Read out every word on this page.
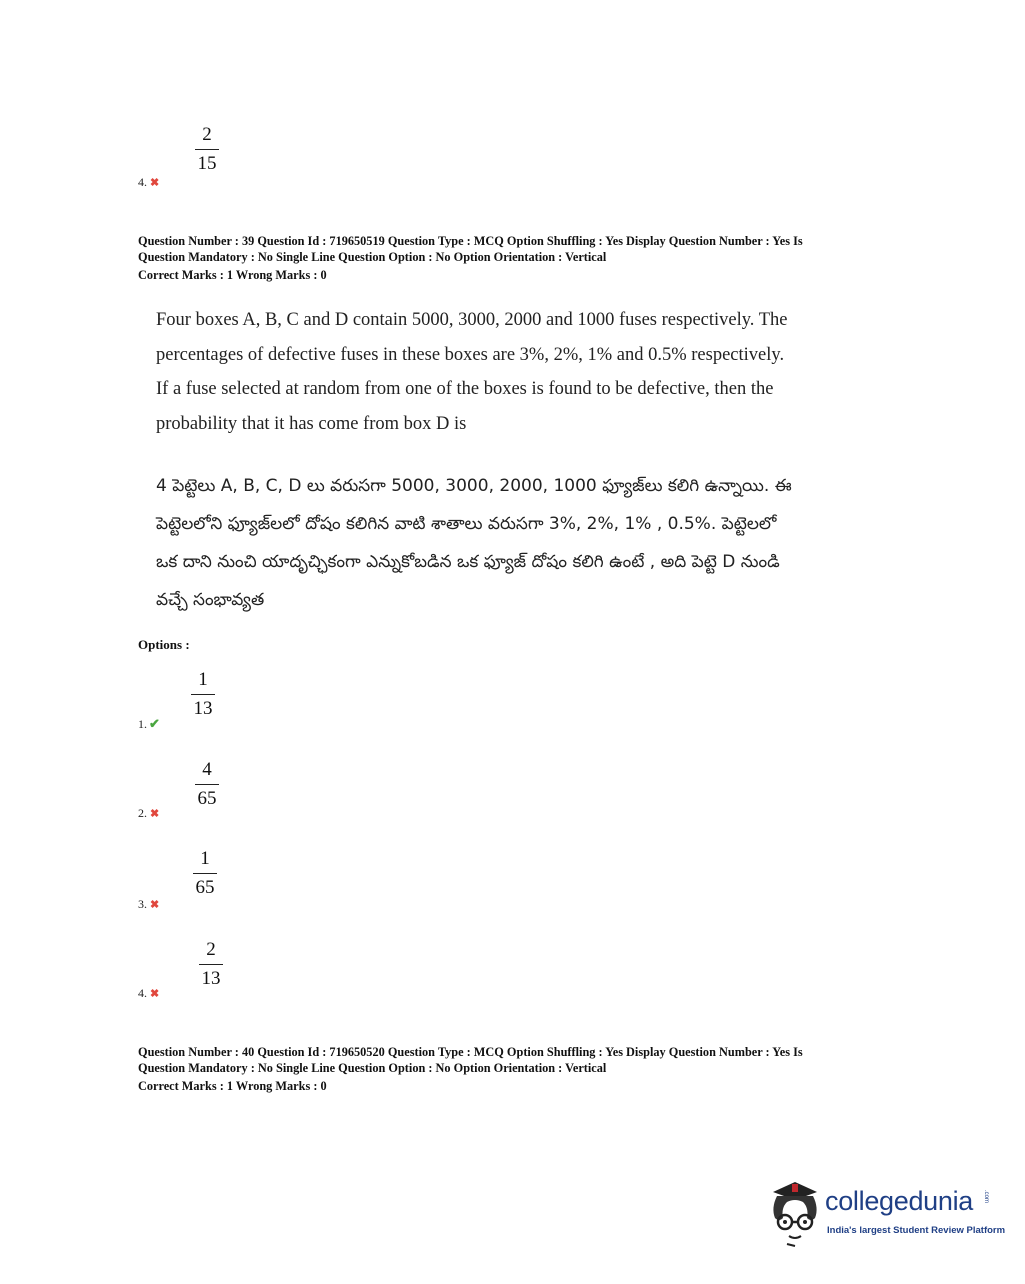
2
15
4. ✖
Question Number : 39 Question Id : 719650519 Question Type : MCQ Option Shuffling : Yes Display Question Number : Yes Is
Question Mandatory : No Single Line Question Option : No Option Orientation : Vertical
Correct Marks : 1 Wrong Marks : 0
Four boxes A, B, C and D contain 5000, 3000, 2000 and 1000 fuses respectively. The
percentages of defective fuses in these boxes are 3%, 2%, 1% and 0.5% respectively.
If a fuse selected at random from one of the boxes is found to be defective, then the
probability that it has come from box D is
4 పెట్టెలు A, B, C, D లు వరుసగా 5000, 3000, 2000, 1000 ఫ్యూజ్‌లు కలిగి ఉన్నాయి. ఈ
పెట్టెలలోని ఫ్యూజ్‌లలో దోషం కలిగిన వాటి శాతాలు వరుసగా 3%, 2%, 1% , 0.5%. పెట్టెలలో
ఒక దాని నుంచి యాదృచ్ఛికంగా ఎన్నుకోబడిన ఒక ఫ్యూజ్ దోషం కలిగి ఉంటే , అది పెట్టె D నుండి
వచ్చే సంభావ్యత
Options :
1
13
1. ✔
4
65
2. ✖
1
65
3. ✖
2
13
4. ✖
Question Number : 40 Question Id : 719650520 Question Type : MCQ Option Shuffling : Yes Display Question Number : Yes Is
Question Mandatory : No Single Line Question Option : No Option Orientation : Vertical
Correct Marks : 1 Wrong Marks : 0
collegedunia .com
India's largest Student Review Platform
